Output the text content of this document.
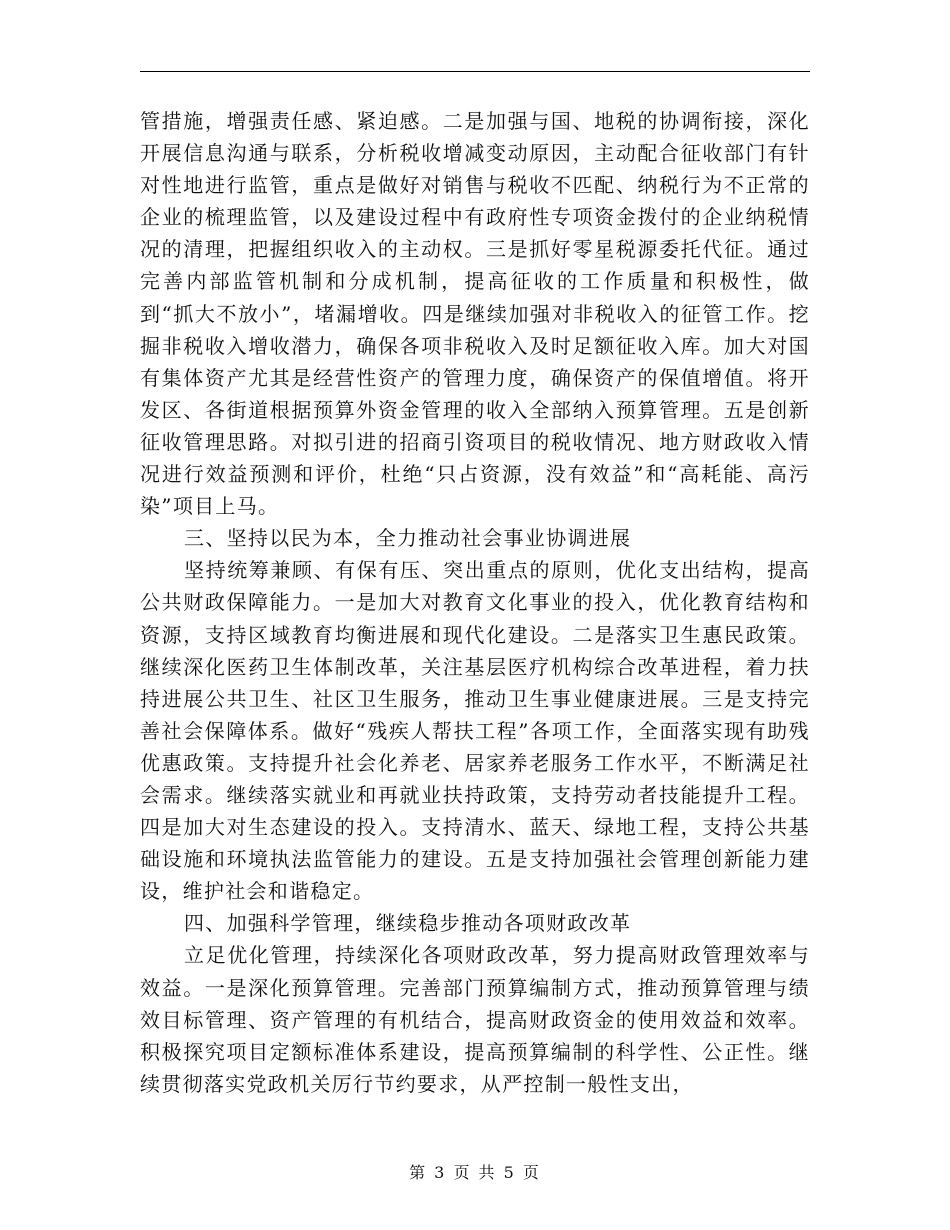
管措施，增强责任感、紧迫感。二是加强与国、地税的协调衔接，深化开展信息沟通与联系，分析税收增减变动原因，主动配合征收部门有针对性地进行监管，重点是做好对销售与税收不匹配、纳税行为不正常的企业的梳理监管，以及建设过程中有政府性专项资金拨付的企业纳税情况的清理，把握组织收入的主动权。三是抓好零星税源委托代征。通过完善内部监管机制和分成机制，提高征收的工作质量和积极性，做到“抓大不放小”，堵漏增收。四是继续加强对非税收入的征管工作。挖掘非税收入增收潜力，确保各项非税收入及时足额征收入库。加大对国有集体资产尤其是经营性资产的管理力度，确保资产的保值增值。将开发区、各街道根据预算外资金管理的收入全部纳入预算管理。五是创新征收管理思路。对拟引进的招商引资项目的税收情况、地方财政收入情况进行效益预测和评价，杜绝“只占资源，没有效益”和“高耗能、高污染”项目上马。

三、坚持以民为本，全力推动社会事业协调进展

坚持统筹兼顾、有保有压、突出重点的原则，优化支出结构，提高公共财政保障能力。一是加大对教育文化事业的投入，优化教育结构和资源，支持区域教育均衡进展和现代化建设。二是落实卫生惠民政策。继续深化医药卫生体制改革，关注基层医疗机构综合改革进程，着力扶持进展公共卫生、社区卫生服务，推动卫生事业健康进展。三是支持完善社会保障体系。做好“残疾人帮扶工程”各项工作，全面落实现有助残优惠政策。支持提升社会化养老、居家养老服务工作水平，不断满足社会需求。继续落实就业和再就业扶持政策，支持劳动者技能提升工程。四是加大对生态建设的投入。支持清水、蓝天、绿地工程，支持公共基础设施和环境执法监管能力的建设。五是支持加强社会管理创新能力建设，维护社会和谐稳定。

四、加强科学管理，继续稳步推动各项财政改革

立足优化管理，持续深化各项财政改革，努力提高财政管理效率与效益。一是深化预算管理。完善部门预算编制方式，推动预算管理与绩效目标管理、资产管理的有机结合，提高财政资金的使用效益和效率。积极探究项目定额标准体系建设，提高预算编制的科学性、公正性。继续贯彻落实党政机关厉行节约要求，从严控制一般性支出，

第 3 页 共 5 页
